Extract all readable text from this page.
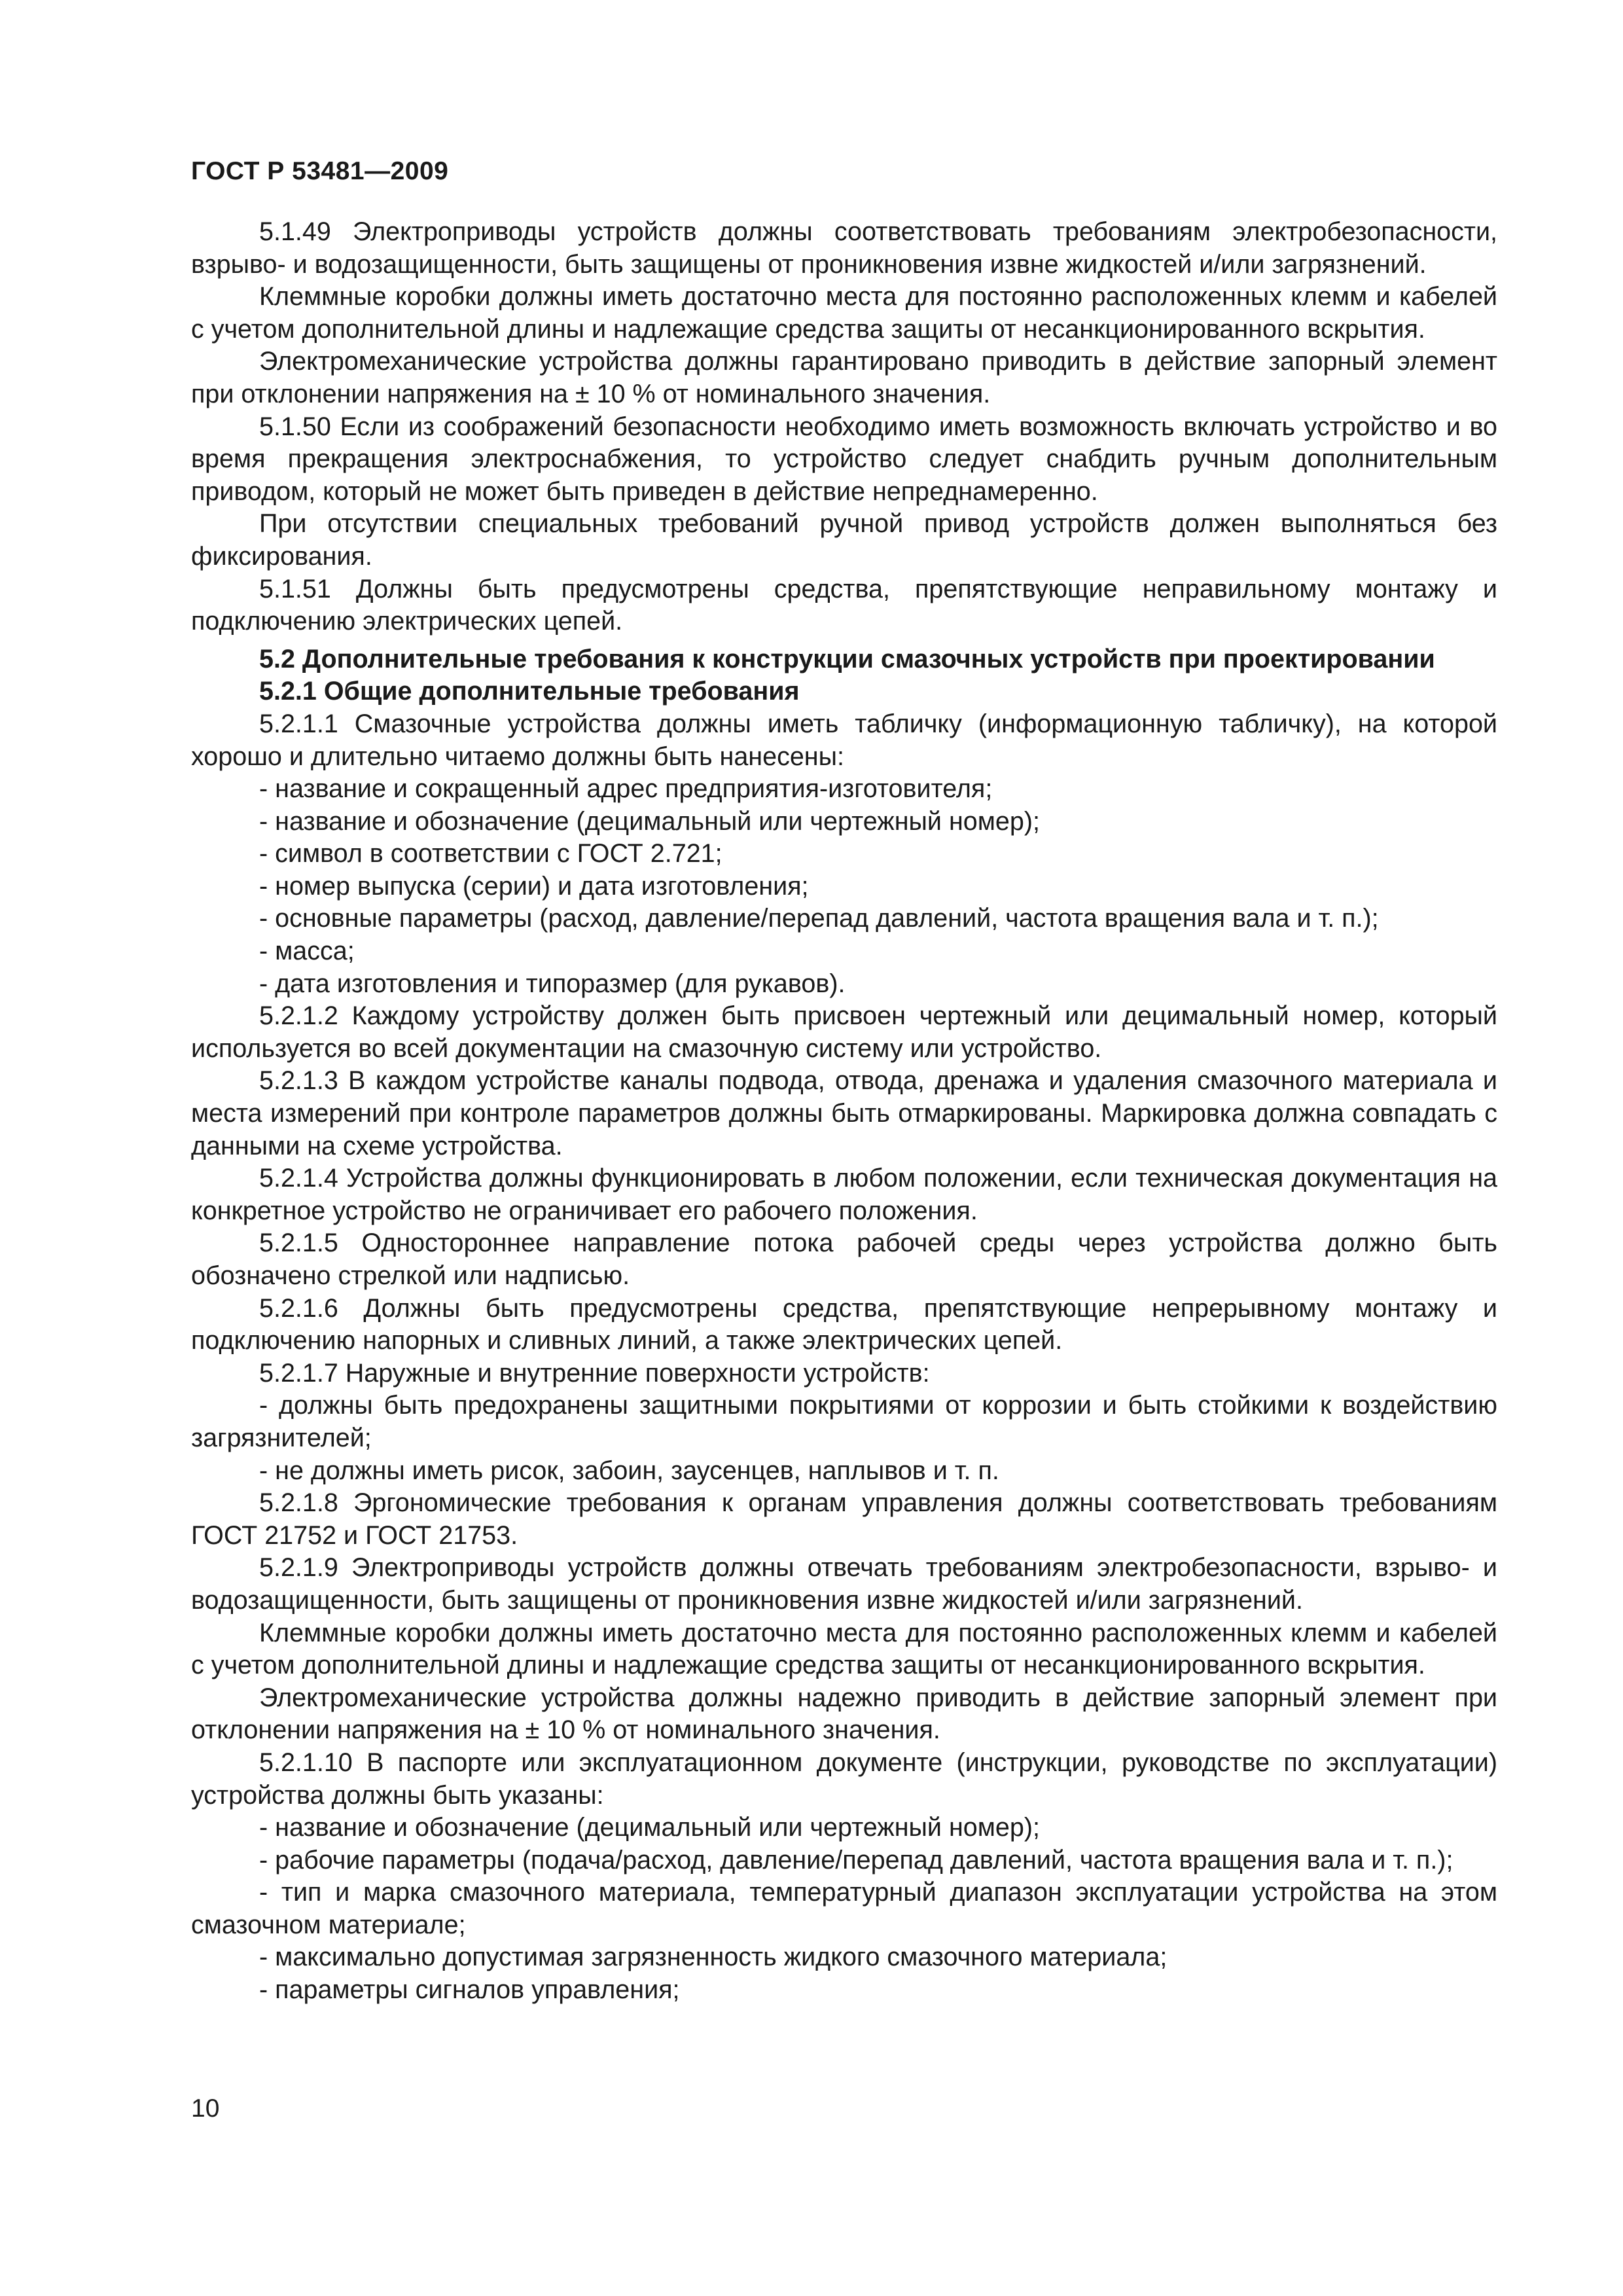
ГОСТ Р 53481—2009

5.1.49 Электроприводы устройств должны соответствовать требованиям электробезопасности, взрыво- и водозащищенности, быть защищены от проникновения извне жидкостей и/или загрязнений.

Клеммные коробки должны иметь достаточно места для постоянно расположенных клемм и кабелей с учетом дополнительной длины и надлежащие средства защиты от несанкционированного вскрытия.

Электромеханические устройства должны гарантировано приводить в действие запорный элемент при отклонении напряжения на ± 10 % от номинального значения.

5.1.50 Если из соображений безопасности необходимо иметь возможность включать устройство и во время прекращения электроснабжения, то устройство следует снабдить ручным дополнительным приводом, который не может быть приведен в действие непреднамеренно.

При отсутствии специальных требований ручной привод устройств должен выполняться без фиксирования.

5.1.51 Должны быть предусмотрены средства, препятствующие неправильному монтажу и подключению электрических цепей.

5.2 Дополнительные требования к конструкции смазочных устройств при проектировании

5.2.1 Общие дополнительные требования

5.2.1.1 Смазочные устройства должны иметь табличку (информационную табличку), на которой хорошо и длительно читаемо должны быть нанесены:

- название и сокращенный адрес предприятия-изготовителя;

- название и обозначение (децимальный или чертежный номер);

- символ в соответствии с ГОСТ 2.721;

- номер выпуска (серии) и дата изготовления;

- основные параметры (расход, давление/перепад давлений, частота вращения вала и т. п.);

- масса;

- дата изготовления и типоразмер (для рукавов).

5.2.1.2 Каждому устройству должен быть присвоен чертежный или децимальный номер, который используется во всей документации на смазочную систему или устройство.

5.2.1.3 В каждом устройстве каналы подвода, отвода, дренажа и удаления смазочного материала и места измерений при контроле параметров должны быть отмаркированы. Маркировка должна совпадать с данными на схеме устройства.

5.2.1.4 Устройства должны функционировать в любом положении, если техническая документация на конкретное устройство не ограничивает его рабочего положения.

5.2.1.5 Одностороннее направление потока рабочей среды через устройства должно быть обозначено стрелкой или надписью.

5.2.1.6 Должны быть предусмотрены средства, препятствующие непрерывному монтажу и подключению напорных и сливных линий, а также электрических цепей.

5.2.1.7 Наружные и внутренние поверхности устройств:

- должны быть предохранены защитными покрытиями от коррозии и быть стойкими к воздействию загрязнителей;

- не должны иметь рисок, забоин, заусенцев, наплывов и т. п.

5.2.1.8 Эргономические требования к органам управления должны соответствовать требованиям ГОСТ 21752 и ГОСТ 21753.

5.2.1.9 Электроприводы устройств должны отвечать требованиям электробезопасности, взрыво- и водозащищенности, быть защищены от проникновения извне жидкостей и/или загрязнений.

Клеммные коробки должны иметь достаточно места для постоянно расположенных клемм и кабелей с учетом дополнительной длины и надлежащие средства защиты от несанкционированного вскрытия.

Электромеханические устройства должны надежно приводить в действие запорный элемент при отклонении напряжения на ± 10 % от номинального значения.

5.2.1.10 В паспорте или эксплуатационном документе (инструкции, руководстве по эксплуатации) устройства должны быть указаны:

- название и обозначение (децимальный или чертежный номер);

- рабочие параметры (подача/расход, давление/перепад давлений, частота вращения вала и т. п.);

- тип и марка смазочного материала, температурный диапазон эксплуатации устройства на этом смазочном материале;

- максимально допустимая загрязненность жидкого смазочного материала;

- параметры сигналов управления;

10
